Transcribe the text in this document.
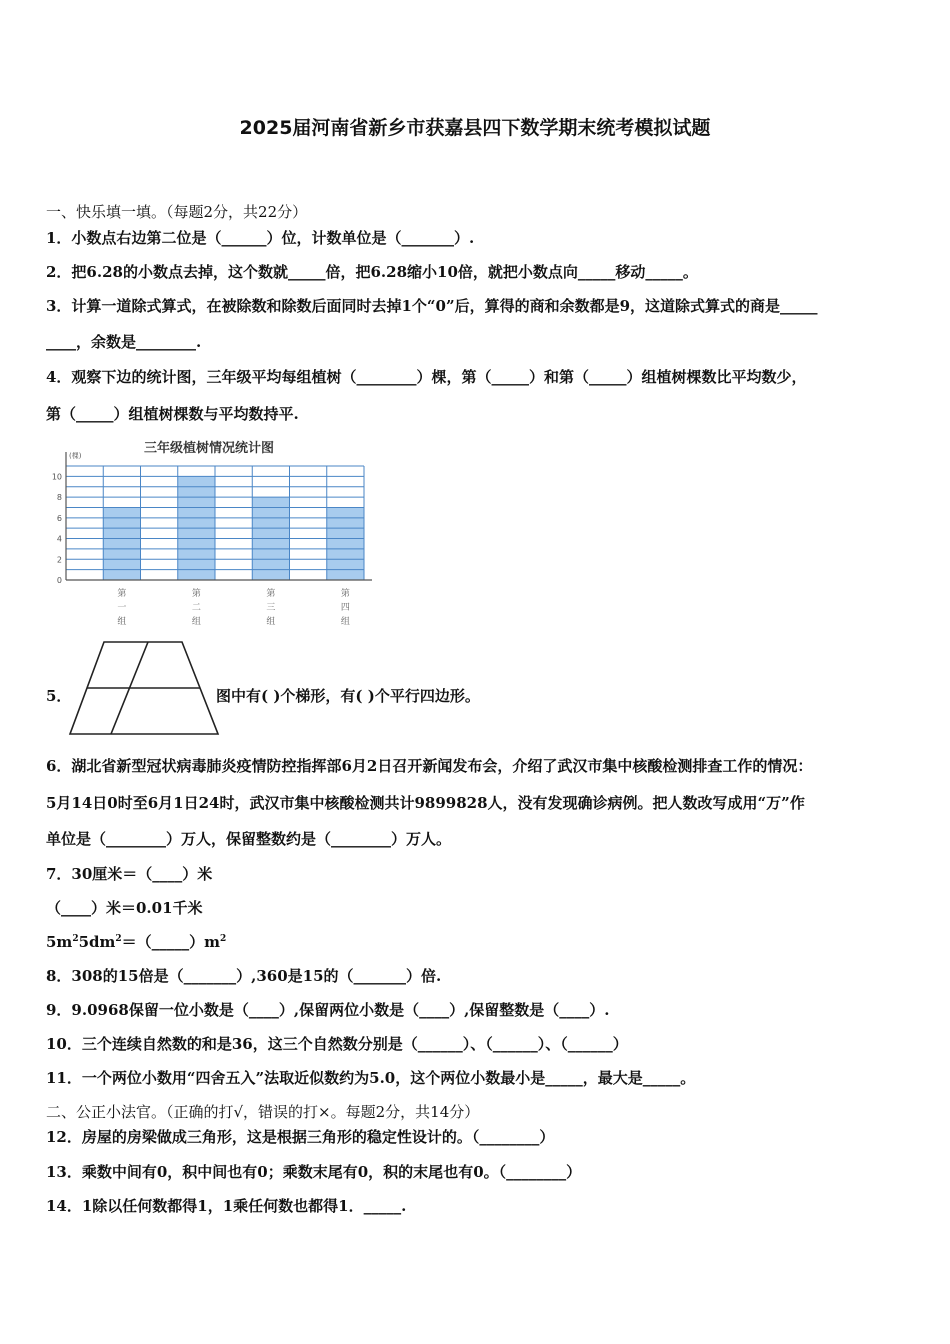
2025届河南省新乡市获嘉县四下数学期末统考模拟试题
一、快乐填一填。（每题2分，共22分）
1．小数点右边第二位是（______）位，计数单位是（_______）.
2．把6.28的小数点去掉，这个数就_____倍，把6.28缩小10倍，就把小数点向_____移动_____。
3．计算一道除式算式，在被除数和除数后面同时去掉1个“0”后，算得的商和余数都是9，这道除式算式的商是_____
____，余数是________.
4．观察下边的统计图，三年级平均每组植树（________）棵，第（_____）和第（_____）组植树棵数比平均数少，
第（_____）组植树棵数与平均数持平.
三年级植树情况统计图
0
2
4
6
8
10
(棵)
第
一
组
第
二
组
第
三
组
第
四
组
5．	图中有( )个梯形，有( )个平行四边形。
6．湖北省新型冠状病毒肺炎疫情防控指挥部6月2日召开新闻发布会，介绍了武汉市集中核酸检测排查工作的情况：
5月14日0时至6月1日24时，武汉市集中核酸检测共计9899828人，没有发现确诊病例。把人数改写成用“万”作
单位是（________）万人，保留整数约是（________）万人。
7．30厘米＝（____）米
（____）米＝0.01千米
$5m^25dm^2=(\_\_\_\_\_)m^2$
8．308的15倍是（_______）,360是15的（_______）倍.
9．9.0968保留一位小数是（____）,保留两位小数是（____）,保留整数是（____）.
10．三个连续自然数的和是36，这三个自然数分别是（______）、（______）、（______）
11．一个两位小数用“四舍五入”法取近似数约为5.0，这个两位小数最小是_____，最大是_____。
二、公正小法官。（正确的打√，错误的打×。每题2分，共14分）
12．房屋的房梁做成三角形，这是根据三角形的稳定性设计的。（________）
13．乘数中间有0，积中间也有0；乘数末尾有0，积的末尾也有0。（________）
14．1除以任何数都得1，1乘任何数也都得1．_____.
